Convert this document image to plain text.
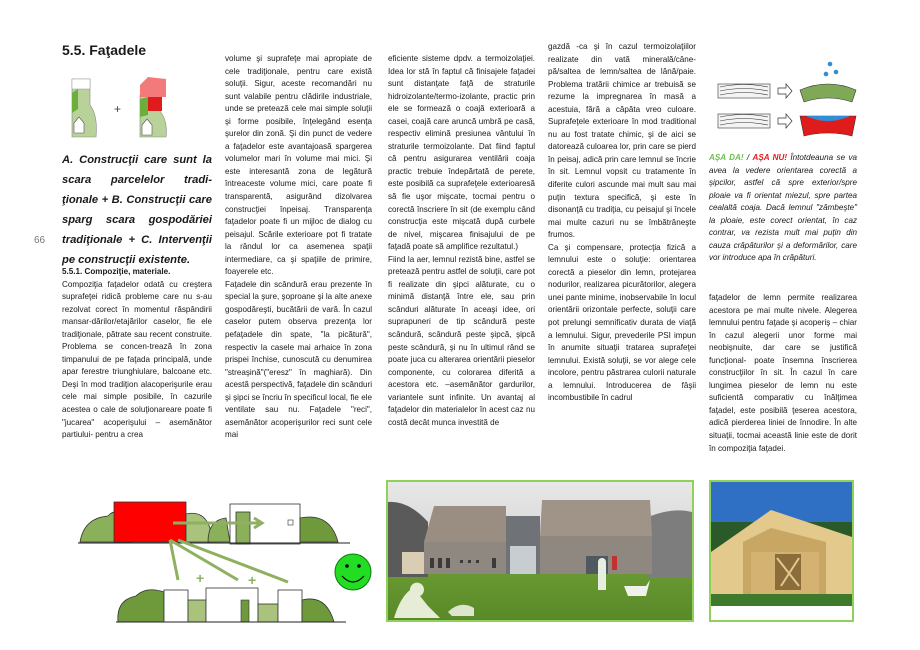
5.5. Faţadele
+
A. Construcţii care sunt la scara parcelelor tradi-ţionale + B. Construcţii care sparg scara gospodăriei tradiţionale + C. Intervenţii pe construcţii existente.
66

5.5.1. Compoziţie, materiale.

Compoziţia faţadelor odată cu creştera suprafeţei ridică probleme care nu s-au rezolvat corect în momentul răspândirii mansar-dărilor/etajărilor caselor, fie ele tradiţionale, pătrate sau recent construite. Problema se concen-trează în zona timpanului de pe faţada principală, unde apar ferestre triunghiulare, balcoane etc. Deşi în mod tradiţion alacoperişurile erau cele mai simple posibile, în cazurile acestea o cale de soluţionareare poate fi "jucarea" acoperişului – asemănător partiului- pentru a crea

volume şi suprafeţe mai apropiate de cele tradiţionale, pentru care există soluţii. Sigur, aceste recomandări nu sunt valabile pentru clădirile industriale, unde se pretează cele mai simple soluţii şi forme posibile, înţelegând esenţa şurelor din zonă. Şi din punct de vedere a faţadelor este avantajoasă spargerea volumelor mari în volume mai mici. Şi este interesantă zona de legătură întreaceste volume mici, care poate fi transparentă, asigurând dizolvarea construcţiei înpeisaj. Transparenţa faţadelor poate fi un mijloc de dialog cu peisajul. Scările exterioare pot fi tratate la rândul lor ca asemenea spaţii intermediare, ca şi spaţiile de primire, foayerele etc.

Faţadele din scândură erau prezente în special la şure, şoproane şi la alte anexe gospodăreşti, bucătării de vară. În cazul caselor putem observa prezenţa lor pefaţadele din spate, "la picătură", respectiv la casele mai arhaice în zona prispei închise, cunoscută cu denumirea "streaşină"("eresz" în maghiară). Din acestă perspectivă, faţadele din scânduri şi şipci se încriu în specificul local, fie ele ventilate sau nu. Faţadele "reci", asemănător acoperişurilor reci sunt cele mai

eficiente sisteme dpdv. a termoizolaţiei. Idea lor stă în faptul că finisajele faţadei sunt distanţate faţă de straturile hidroizolante/termo-izolante, practic prin ele se formează o coajă exterioară a casei, coajă care aruncă umbră pe casă, respectiv elimină presiunea vântului în straturile termoizolante. Dat fiind faptul că pentru asigurarea ventilării coaja practic trebuie îndepărtată de perete, este posibilă ca suprafeţele exterioaresă să fie uşor mişcate, tocmai pentru o corectă înscriere în sit (de exemplu când construcţia este mişcată după curbele de nivel, mişcarea finisajului de pe faţadă poate să amplifice rezultatul.)

Fiind la aer, lemnul rezistă bine, astfel se pretează pentru astfel de soluţii, care pot fi realizate din şipci alăturate, cu o minimă distanţă între ele, sau prin scânduri alăturate în aceaşi idee, ori suprapuneri de tip scândură peste scândură, scândură peste şipcă, şipcă peste scândură, şi nu în ultimul rând se poate juca cu alterarea orientării pieselor componente, cu colorarea diferită a acestora etc. –asemănător gardurilor, variantele sunt infinite. Un avantaj al faţadelor din materialelor în acest caz nu costă decât munca investită de

gazdă -ca şi în cazul termoizolaţiilor realizate din vată minerală/câne-pă/saltea de lemn/saltea de lână/paie. Problema tratării chimice ar trebuisă se rezume la impregnarea în masă a acestuia, fără a căpăta vreo culoare. Suprafeţele exterioare în mod traditional nu au fost tratate chimic, şi de aici se datorează culoarea lor, prin care se pierd în peisaj, adică prin care lemnul se încrie în sit. Lemnul vopsit cu tratamente în diferite culori ascunde mai mult sau mai puţin textura specifică, şi este în disonanţă cu tradiţia, cu peisajul şi încele mai multe cazuri nu se îmbătrâneşte frumos.

Ca şi compensare, protecţia fizică a lemnului este o soluţie: orientarea corectă a pieselor din lemn, protejarea nodurilor, realizarea picurătorilor, alegera unei pante minime, inobservabile în locul orientării orizontale perfecte, soluţii care pot prelungi semnificativ durata de viaţă a lemnului. Sigur, prevederile PSI impun în anumite situaţii tratarea suprafeţei lemnului. Există soluţii, se vor alege cele incolore, pentru păstrarea culorii naturale a lemnului. Introducerea de fâşii incombustibile în cadrul

AŞA DA! / AŞA NU! Întotdeauna se va avea la vedere orientarea corectă a şipcilor, astfel că spre exterior/spre ploaie va fi orientat miezul, spre partea cealaltă coaja. Dacă lemnul "zâmbeşte" la ploaie, este corect orientat, în caz contrar, va rezista mult mai puţin din cauza crăpăturilor şi a deformărilor, care vor introduce apa în crăpături.

faţadelor de lemn permite realizarea acestora pe mai multe nivele. Alegerea lemnului pentru faţade şi acoperiş – chiar în cazul alegerii unor forme mai neobişnuite, dar care se justifică funcţional- poate însemna înscrierea construcţiilor în sit. În cazul în care lungimea pieselor de lemn nu este suficientă comparativ cu înălţimea faţadel, este posibilă ţeserea acestora, adică pierderea liniei de înnodire. În alte situaţii, tocmai această linie este de dorit în compoziţia faţadei.

+	+
